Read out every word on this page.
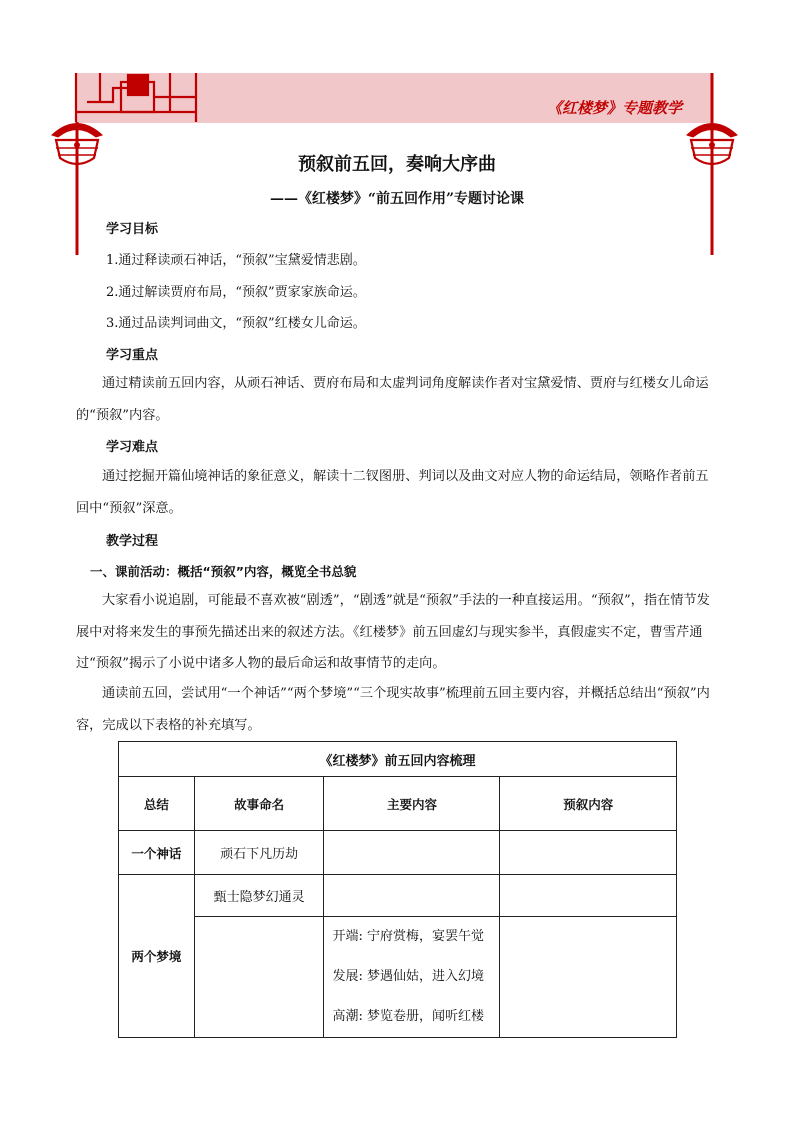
《红楼梦》专题教学
预叙前五回，奏响大序曲
——《红楼梦》“前五回作用”专题讨论课
学习目标
1.通过释读顽石神话，“预叙”宝黛爱情悲剧。
2.通过解读贾府布局，“预叙”贾家家族命运。
3.通过品读判词曲文，“预叙”红楼女儿命运。
学习重点
通过精读前五回内容，从顽石神话、贾府布局和太虚判词角度解读作者对宝黛爱情、贾府与红楼女儿命运的“预叙”内容。
学习难点
通过挖掘开篇仙境神话的象征意义，解读十二钗图册、判词以及曲文对应人物的命运结局，领略作者前五回中“预叙”深意。
教学过程
一、课前活动：概括“预叙”内容，概览全书总貌
大家看小说追剧，可能最不喜欢被“剧透”，“剧透”就是“预叙”手法的一种直接运用。“预叙”，指在情节发展中对将来发生的事预先描述出来的叙述方法。《红楼梦》前五回虚幻与现实参半，真假虚实不定，曹雪芹通过“预叙”揭示了小说中诸多人物的最后命运和故事情节的走向。
通读前五回，尝试用“一个神话”“两个梦境”“三个现实故事”梳理前五回主要内容，并概括总结出“预叙”内容，完成以下表格的补充填写。
《红楼梦》前五回内容梳理			
总结	故事命名	主要内容	预叙内容
一个神话	顽石下凡历劫		
两个梦境	甄士隐梦幻通灵		

		开端: 宁府赏梅，宴罢午觉
发展: 梦遇仙姑，进入幻境
高潮: 梦览卷册，闻听红楼	
